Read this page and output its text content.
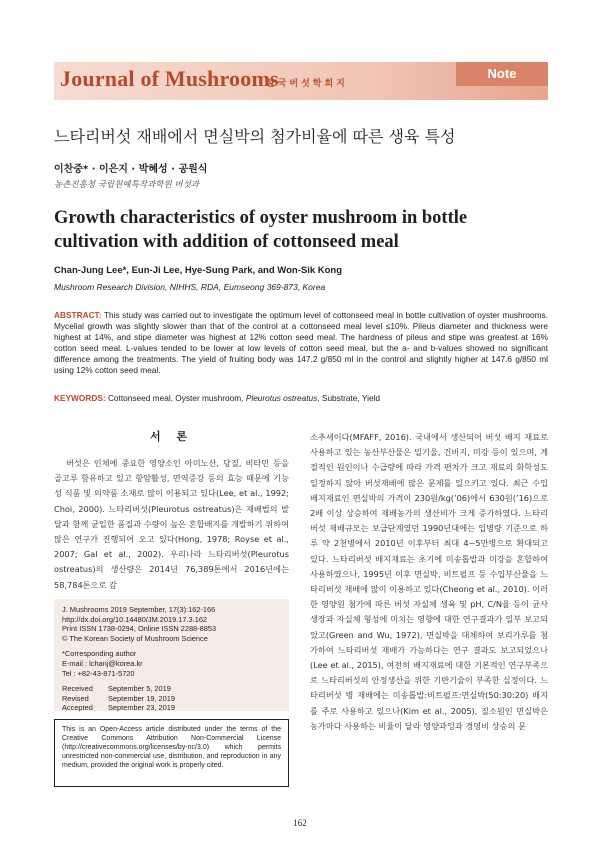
Journal of Mushrooms
한국버섯학회지
Note
느타리버섯 재배에서 면실박의 첨가비율에 따른 생육 특성
이찬중* · 이은지 · 박혜성 · 공원식
농촌진흥청 국립원예특작과학원 버섯과
Growth characteristics of oyster mushroom in bottle cultivation with addition of cottonseed meal
Chan-Jung Lee*, Eun-Ji Lee, Hye-Sung Park, and Won-Sik Kong
Mushroom Research Division, NIHHS, RDA, Eumseong 369-873, Korea
ABSTRACT: This study was carried out to investigate the optimum level of cottonseed meal in bottle cultivation of oyster mushrooms. Mycelial growth was slightly slower than that of the control at a cottonseed meal level ≤10%. Pileus diameter and thickness were highest at 14%, and stipe diameter was highest at 12% cotton seed meal. The hardness of pileus and stipe was greatest at 16% cotton seed meal. L-values tended to be lower at low levels of cotton seed meal, but the a- and b-values showed no significant difference among the treatments. The yield of fruiting body was 147.2 g/850 ml in the control and slightly higher at 147.6 g/850 ml using 12% cotton seed meal.
KEYWORDS: Cottonseed meal, Oyster mushroom, Pleurotus ostreatus, Substrate, Yield
서 론

버섯은 인체에 중요한 영양소인 아미노산, 당질, 비타민 등을 골고루 함유하고 있고 항암활성, 면역증강 등의 효능 때문에 기능성 식품 및 의약품 소재로 많이 이용되고 있다(Lee, et al., 1992; Choi, 2000). 느타리버섯(Pleurotus ostreatus)은 재배법의 발달과 함께 균일한 품질과 수량이 높은 혼합배지를 개발하기 위하여 많은 연구가 진행되어 오고 있다(Hong, 1978; Royse et al., 2007; Gal et al., 2002). 우리나라 느타리버섯(Pleurotus ostreatus)의 생산량은 2014년 76,389톤에서 2016년에는 58,784톤으로 감

소추세이다(MFAFF, 2016). 국내에서 생산되어 버섯 배지 재료로 사용하고 있는 농산부산물은 밀기울, 건비지, 미강 등이 있으며, 계절적인 원인이나 수급량에 따라 가격 편차가 크고 재료의 화학성도 일정하지 않아 버섯재배에 많은 문제를 일으키고 있다. 최근 수입 배지재료인 면실박의 가격이 230원/kg(’06)에서 630원(’16)으로 2배 이상 상승하여 재배농가의 생산비가 크게 증가하였다. 느타리버섯 재배규모는 보급단계였던 1990년대에는 입병량 기준으로 하루 약 2천병에서 2010년 이후부터 최대 4~5만병으로 확대되고 있다. 느타리버섯 배지재료는 초기에 미송톱밥과 미강을 혼합하여 사용하였으나, 1995년 이후 면실박, 비트펄프 등 수입부산물을 느타리버섯 재배에 많이 이용하고 있다(Cheong et al., 2010). 이러한 영양원 첨가에 따른 버섯 자실체 생육 및 pH, C/N율 등이 균사 생장과 자실체 형성에 미치는 영향에 대한 연구결과가 일부 보고되었고(Green and Wu, 1972), 면실박을 대체하여 보리가루를 첨가하여 느타리버섯 재배가 가능하다는 연구 결과도 보고되었으나(Lee et al., 2015), 여전히 배지재료에 대한 기본적인 연구부족으로 느타리버섯의 안정생산을 위한 기반기술이 부족한 실정이다. 느타리버섯 병 재배에는 미송톱밥:비트펄프:면실박(50:30:20) 배지를 주로 사용하고 있으나(Kim et al., 2005), 질소원인 면실박은 농가마다 사용하는 비율이 달라 영양과잉과 경영비 상승의 문

J. Mushrooms 2019 September, 17(3):162-166
http://dx.doi.org/10.14480/JM.2019.17.3.162
Print ISSN 1738-0294, Online ISSN 2288-8853
© The Korean Society of Mushroom Science
*Corresponding author
E-mail : lchanj@korea.kr
Tel : +82-43-871-5720
Received	September 5, 2019
Revised	September 19, 2019
Accepted	September 23, 2019
This is an Open-Access article distributed under the terms of the Creative Commons Attribution Non-Commercial License (http://creativecommons.org/licenses/by-nc/3.0) which permits unrestricted non-commercial use, distribution, and reproduction in any medium, provided the original work is properly cited.
162
